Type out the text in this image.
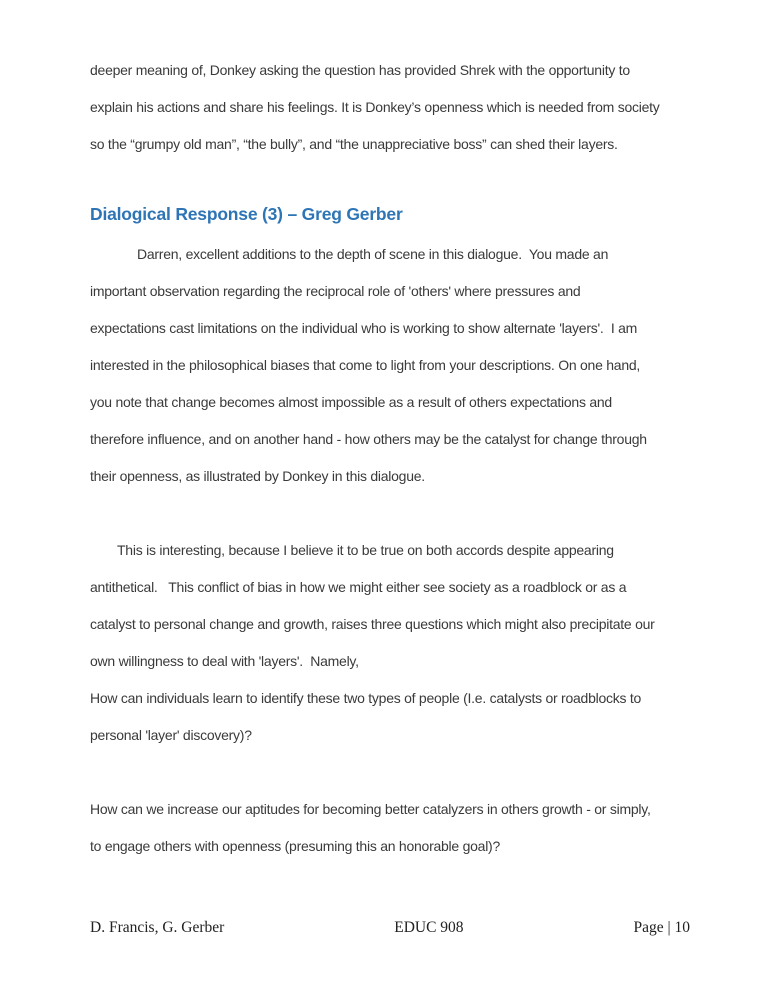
deeper meaning of, Donkey asking the question has provided Shrek with the opportunity to
explain his actions and share his feelings. It is Donkey’s openness which is needed from society
so the “grumpy old man”, “the bully”, and “the unappreciative boss” can shed their layers.

Dialogical Response (3) – Greg Gerber

Darren, excellent additions to the depth of scene in this dialogue.  You made an
important observation regarding the reciprocal role of 'others' where pressures and
expectations cast limitations on the individual who is working to show alternate 'layers'.  I am
interested in the philosophical biases that come to light from your descriptions. On one hand,
you note that change becomes almost impossible as a result of others expectations and
therefore influence, and on another hand - how others may be the catalyst for change through
their openness, as illustrated by Donkey in this dialogue.

This is interesting, because I believe it to be true on both accords despite appearing
antithetical.   This conflict of bias in how we might either see society as a roadblock or as a
catalyst to personal change and growth, raises three questions which might also precipitate our
own willingness to deal with 'layers'.  Namely,

How can individuals learn to identify these two types of people (I.e. catalysts or roadblocks to
personal 'layer' discovery)?

How can we increase our aptitudes for becoming better catalyzers in others growth - or simply,
to engage others with openness (presuming this an honorable goal)?

D. Francis, G. Gerber	EDUC 908	Page | 10
